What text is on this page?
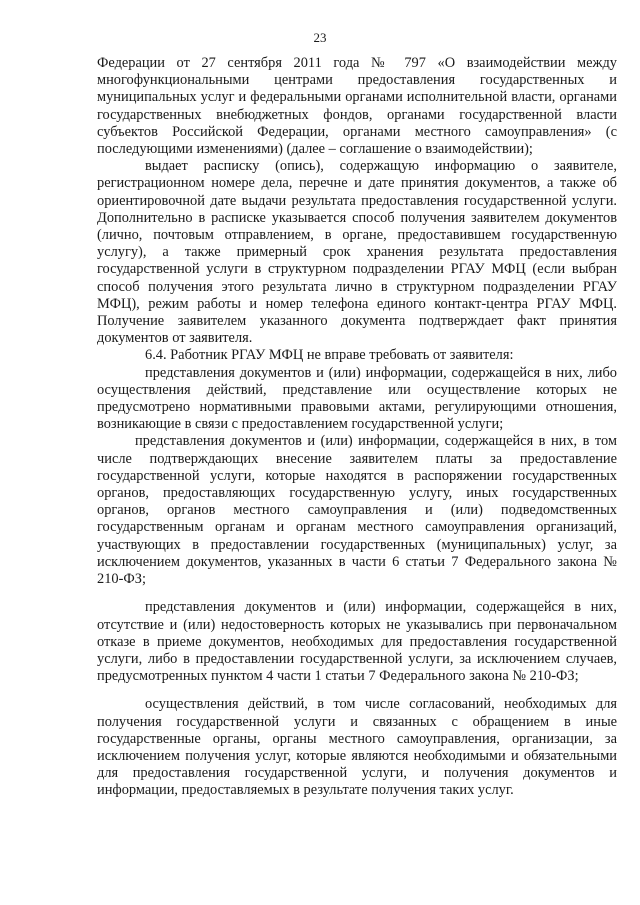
23

Федерации от 27 сентября 2011 года № 797 «О взаимодействии между многофункциональными центрами предоставления государственных и муниципальных услуг и федеральными органами исполнительной власти, органами государственных внебюджетных фондов, органами государственной власти субъектов Российской Федерации, органами местного самоуправления» (с последующими изменениями) (далее – соглашение о взаимодействии);

выдает расписку (опись), содержащую информацию о заявителе, регистрационном номере дела, перечне и дате принятия документов, а также об ориентировочной дате выдачи результата предоставления государственной услуги. Дополнительно в расписке указывается способ получения заявителем документов (лично, почтовым отправлением, в органе, предоставившем государственную услугу), а также примерный срок хранения результата предоставления государственной услуги в структурном подразделении РГАУ МФЦ (если выбран способ получения этого результата лично в структурном подразделении РГАУ МФЦ), режим работы и номер телефона единого контакт-центра РГАУ МФЦ. Получение заявителем указанного документа подтверждает факт принятия документов от заявителя.

6.4. Работник РГАУ МФЦ не вправе требовать от заявителя:

представления документов и (или) информации, содержащейся в них, либо осуществления действий, представление или осуществление которых не предусмотрено нормативными правовыми актами, регулирующими отношения, возникающие в связи с предоставлением государственной услуги;

представления документов и (или) информации, содержащейся в них, в том числе подтверждающих внесение заявителем платы за предоставление государственной услуги, которые находятся в распоряжении государственных органов, предоставляющих государственную услугу, иных государственных органов, органов местного самоуправления и (или) подведомственных государственным органам и органам местного самоуправления организаций, участвующих в предоставлении государственных (муниципальных) услуг, за исключением документов, указанных в части 6 статьи 7 Федерального закона № 210-ФЗ;

представления документов и (или) информации, содержащейся в них, отсутствие и (или) недостоверность которых не указывались при первоначальном отказе в приеме документов, необходимых для предоставления государственной услуги, либо в предоставлении государственной услуги, за исключением случаев, предусмотренных пунктом 4 части 1 статьи 7 Федерального закона № 210-ФЗ;

осуществления действий, в том числе согласований, необходимых для получения государственной услуги и связанных с обращением в иные государственные органы, органы местного самоуправления, организации, за исключением получения услуг, которые являются необходимыми и обязательными для предоставления государственной услуги, и получения документов и информации, предоставляемых в результате получения таких услуг.
